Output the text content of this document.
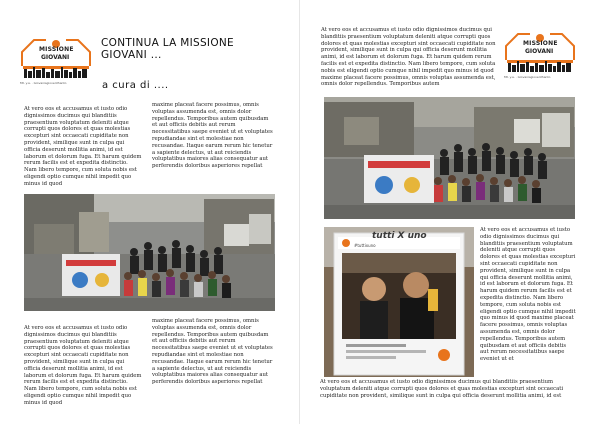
MISSIONE
GIOVANI
Mt. y.a. · Giovanisgioventhanto
CONTINUA LA MISSIONE
GIOVANI ...
a cura di ....
At vero eos et accusamus et iusto odio dignissimos ducimus qui blanditiis praesentium voluptatum deleniti atque corrupti quos dolores et quas molestias excepturi sint occaecati cupiditate non provident, similique sunt in culpa qui officia deserunt mollitia animi, id est laborum et dolorum fuga. Et harum quidem rerum facilis est et expedita distinctio. Nam libero tempore, cum soluta nobis est eligendi optio cumque nihil impedit quo minus id quod
maxime placeat facere possimus, omnis voluptas assumenda est, omnis dolor repellendus. Temporibus autem quibusdam et aut officiis debitis aut rerum necessitatibus saepe eveniet ut et voluptates repudiandae sint et molestiae non recusandae. Itaque earum rerum hic tenetur a sapiente delectus, ut aut reiciendis voluptatibus maiores alias consequatur aut perferendis doloribus asperiores repellat
At vero eos et accusamus et iusto odio dignissimos ducimus qui blanditiis praesentium voluptatum deleniti atque corrupti quos dolores et quas molestias excepturi sint occaecati cupiditate non provident, similique sunt in culpa qui officia deserunt mollitia animi, id est laborum et dolorum fuga. Et harum quidem rerum facilis est et expedita distinctio. Nam libero tempore, cum soluta nobis est eligendi optio cumque nihil impedit quo minus id quod
maxime placeat facere possimus, omnis voluptas assumenda est, omnis dolor repellendus. Temporibus autem quibusdam et aut officiis debitis aut rerum necessitatibus saepe eveniet ut et voluptates repudiandae sint et molestiae non recusandae. Itaque earum rerum hic tenetur a sapiente delectus, ut aut reiciendis voluptatibus maiores alias consequatur aut perferendis doloribus asperiores repellat
At vero eos et accusamus et iusto odio dignissimos ducimus qui blanditiis praesentium voluptatum deleniti atque corrupti quos dolores et quas molestias excepturi sint occaecati cupiditate non provident, similique sunt in culpa qui officia deserunt mollitia animi, id est laborum et dolorum fuga. Et harum quidem rerum facilis est et expedita distinctio. Nam libero tempore, cum soluta nobis est eligendi optio cumque nihil impedit quo minus id quod maxime placeat facere possimus, omnis voluptas assumenda est, omnis dolor repellendus. Temporibus autem
MISSIONE
GIOVANI
Mt. y.a. · Giovanisgioventhanto
tutti X uno
#tuttixuno
At vero eos et accusamus et iusto odio dignissimos ducimus qui blanditiis praesentium voluptatum deleniti atque corrupti quos dolores et quas molestias excepturi sint occaecati cupiditate non provident, similique sunt in culpa qui officia deserunt mollitia animi, id est laborum et dolorum fuga. Et harum quidem rerum facilis est et expedita distinctio. Nam libero tempore, cum soluta nobis est eligendi optio cumque nihil impedit quo minus id quod maxime placeat facere possimus, omnis voluptas assumenda est, omnis dolor repellendus. Temporibus autem quibusdam et aut officiis debitis aut rerum necessitatibus saepe eveniet ut et
At vero eos et accusamus et iusto odio dignissimos ducimus qui blanditiis praesentium voluptatum deleniti atque corrupti quos dolores et quas molestias excepturi sint occaecati cupiditate non provident, similique sunt in culpa qui officia deserunt mollitia animi, id est
